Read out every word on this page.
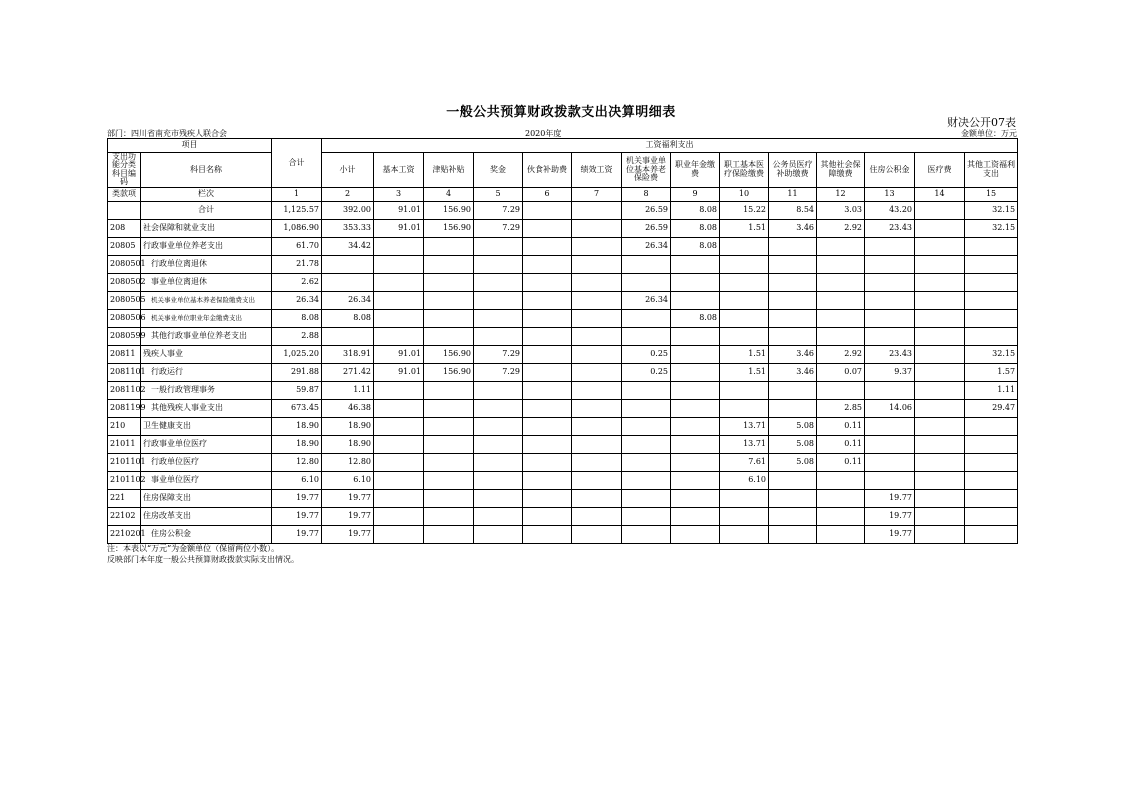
一般公共预算财政拨款支出决算明细表
财决公开07表
部门：四川省南充市残疾人联合会	2020年度	金额单位：万元
项目		合计	工资福利支出													
支出功能分类科目编码	科目名称		小计	基本工资	津贴补贴	奖金	伙食补助费	绩效工资	机关事业单位基本养老保险费	职业年金缴费	职工基本医疗保险缴费	公务员医疗补助缴费	其他社会保障缴费	住房公积金	医疗费	其他工资福利支出
类款项	栏次	1	2	3	4	5	6	7	8	9	10	11	12	13	14	15
	合计	1,125.57	392.00	91.01	156.90	7.29			26.59	8.08	15.22	8.54	3.03	43.20		32.15
208	社会保障和就业支出	1,086.90	353.33	91.01	156.90	7.29			26.59	8.08	1.51	3.46	2.92	23.43		32.15
20805	行政事业单位养老支出	61.70	34.42						26.34	8.08						
2080501	行政单位离退休	21.78														
2080502	事业单位离退休	2.62														
2080505	机关事业单位基本养老保险缴费支出	26.34	26.34						26.34							
2080506	机关事业单位职业年金缴费支出	8.08	8.08							8.08						
2080599	其他行政事业单位养老支出	2.88														
20811	残疾人事业	1,025.20	318.91	91.01	156.90	7.29			0.25		1.51	3.46	2.92	23.43		32.15
2081101	行政运行	291.88	271.42	91.01	156.90	7.29			0.25		1.51	3.46	0.07	9.37		1.57
2081102	一般行政管理事务	59.87	1.11													1.11
2081199	其他残疾人事业支出	673.45	46.38										2.85	14.06		29.47
210	卫生健康支出	18.90	18.90								13.71	5.08	0.11			
21011	行政事业单位医疗	18.90	18.90								13.71	5.08	0.11			
2101101	行政单位医疗	12.80	12.80								7.61	5.08	0.11			
2101102	事业单位医疗	6.10	6.10								6.10					
221	住房保障支出	19.77	19.77											19.77		
22102	住房改革支出	19.77	19.77											19.77		
2210201	住房公积金	19.77	19.77											19.77		
注：本表以“万元”为金额单位（保留两位小数）。
反映部门本年度一般公共预算财政拨款实际支出情况。
